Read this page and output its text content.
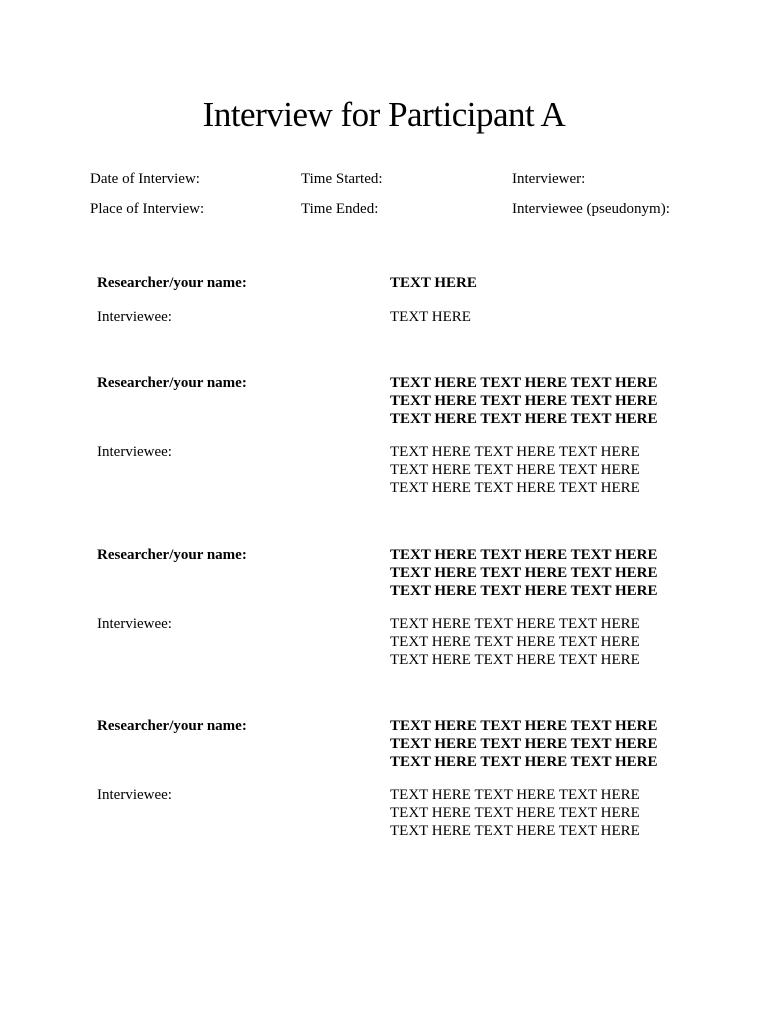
Interview for Participant A
Date of Interview:	Time Started:	Interviewer:
Place of Interview:	Time Ended:	Interviewee (pseudonym):
Researcher/your name:	TEXT HERE
Interviewee:	TEXT HERE
Researcher/your name:	TEXT HERE TEXT HERE TEXT HERE
TEXT HERE TEXT HERE TEXT HERE
TEXT HERE TEXT HERE TEXT HERE
Interviewee:	TEXT HERE TEXT HERE TEXT HERE
TEXT HERE TEXT HERE TEXT HERE
TEXT HERE TEXT HERE TEXT HERE
Researcher/your name:	TEXT HERE TEXT HERE TEXT HERE
TEXT HERE TEXT HERE TEXT HERE
TEXT HERE TEXT HERE TEXT HERE
Interviewee:	TEXT HERE TEXT HERE TEXT HERE
TEXT HERE TEXT HERE TEXT HERE
TEXT HERE TEXT HERE TEXT HERE
Researcher/your name:	TEXT HERE TEXT HERE TEXT HERE
TEXT HERE TEXT HERE TEXT HERE
TEXT HERE TEXT HERE TEXT HERE
Interviewee:	TEXT HERE TEXT HERE TEXT HERE
TEXT HERE TEXT HERE TEXT HERE
TEXT HERE TEXT HERE TEXT HERE
